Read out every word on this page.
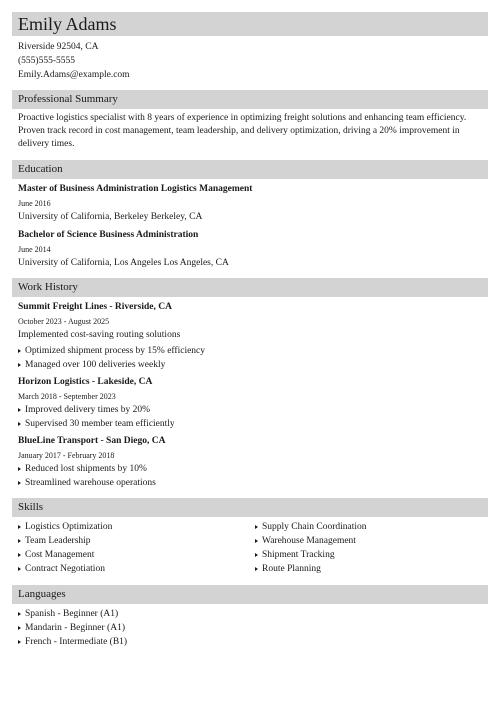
Emily Adams
Riverside 92504, CA
(555)555-5555
Emily.Adams@example.com
Professional Summary
Proactive logistics specialist with 8 years of experience in optimizing freight solutions and enhancing team efficiency. Proven track record in cost management, team leadership, and delivery optimization, driving a 20% improvement in delivery times.
Education
Master of Business Administration Logistics Management
June 2016
University of California, Berkeley Berkeley, CA
Bachelor of Science Business Administration
June 2014
University of California, Los Angeles Los Angeles, CA
Work History
Summit Freight Lines - Riverside, CA
October 2023 - August 2025
Implemented cost-saving routing solutions
Optimized shipment process by 15% efficiency
Managed over 100 deliveries weekly
Horizon Logistics - Lakeside, CA
March 2018 - September 2023
Improved delivery times by 20%
Supervised 30 member team efficiently
BlueLine Transport - San Diego, CA
January 2017 - February 2018
Reduced lost shipments by 10%
Streamlined warehouse operations
Skills
Logistics Optimization
Team Leadership
Cost Management
Contract Negotiation
Supply Chain Coordination
Warehouse Management
Shipment Tracking
Route Planning
Languages
Spanish - Beginner (A1)
Mandarin - Beginner (A1)
French - Intermediate (B1)
